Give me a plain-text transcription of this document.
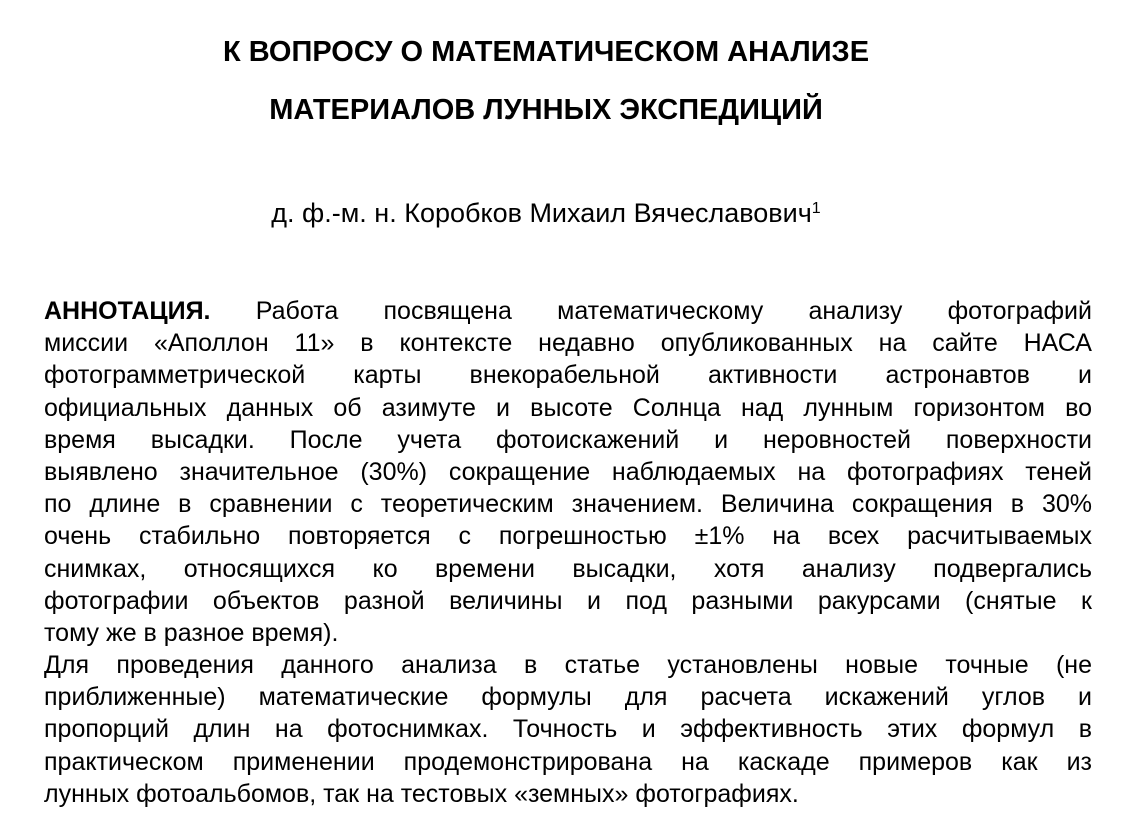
К ВОПРОСУ О МАТЕМАТИЧЕСКОМ АНАЛИЗЕ
МАТЕРИАЛОВ ЛУННЫХ ЭКСПЕДИЦИЙ
д. ф.-м. н. Коробков Михаил Вячеславович$^1$
АННОТАЦИЯ. Работа посвящена математическому анализу фотографий
миссии «Аполлон 11» в контексте недавно опубликованных на сайте НАСА
фотограмметрической карты внекорабельной активности астронавтов и
официальных данных об азимуте и высоте Солнца над лунным горизонтом во
время высадки. После учета фотоискажений и неровностей поверхности
выявлено значительное (30%) сокращение наблюдаемых на фотографиях теней
по длине в сравнении с теоретическим значением. Величина сокращения в 30%
очень стабильно повторяется с погрешностью ±1% на всех расчитываемых
снимках, относящихся ко времени высадки, хотя анализу подвергались
фотографии объектов разной величины и под разными ракурсами (снятые к
тому же в разное время).
Для проведения данного анализа в статье установлены новые точные (не
приближенные) математические формулы для расчета искажений углов и
пропорций длин на фотоснимках. Точность и эффективность этих формул в
практическом применении продемонстрирована на каскаде примеров как из
лунных фотоальбомов, так на тестовых «земных» фотографиях.
